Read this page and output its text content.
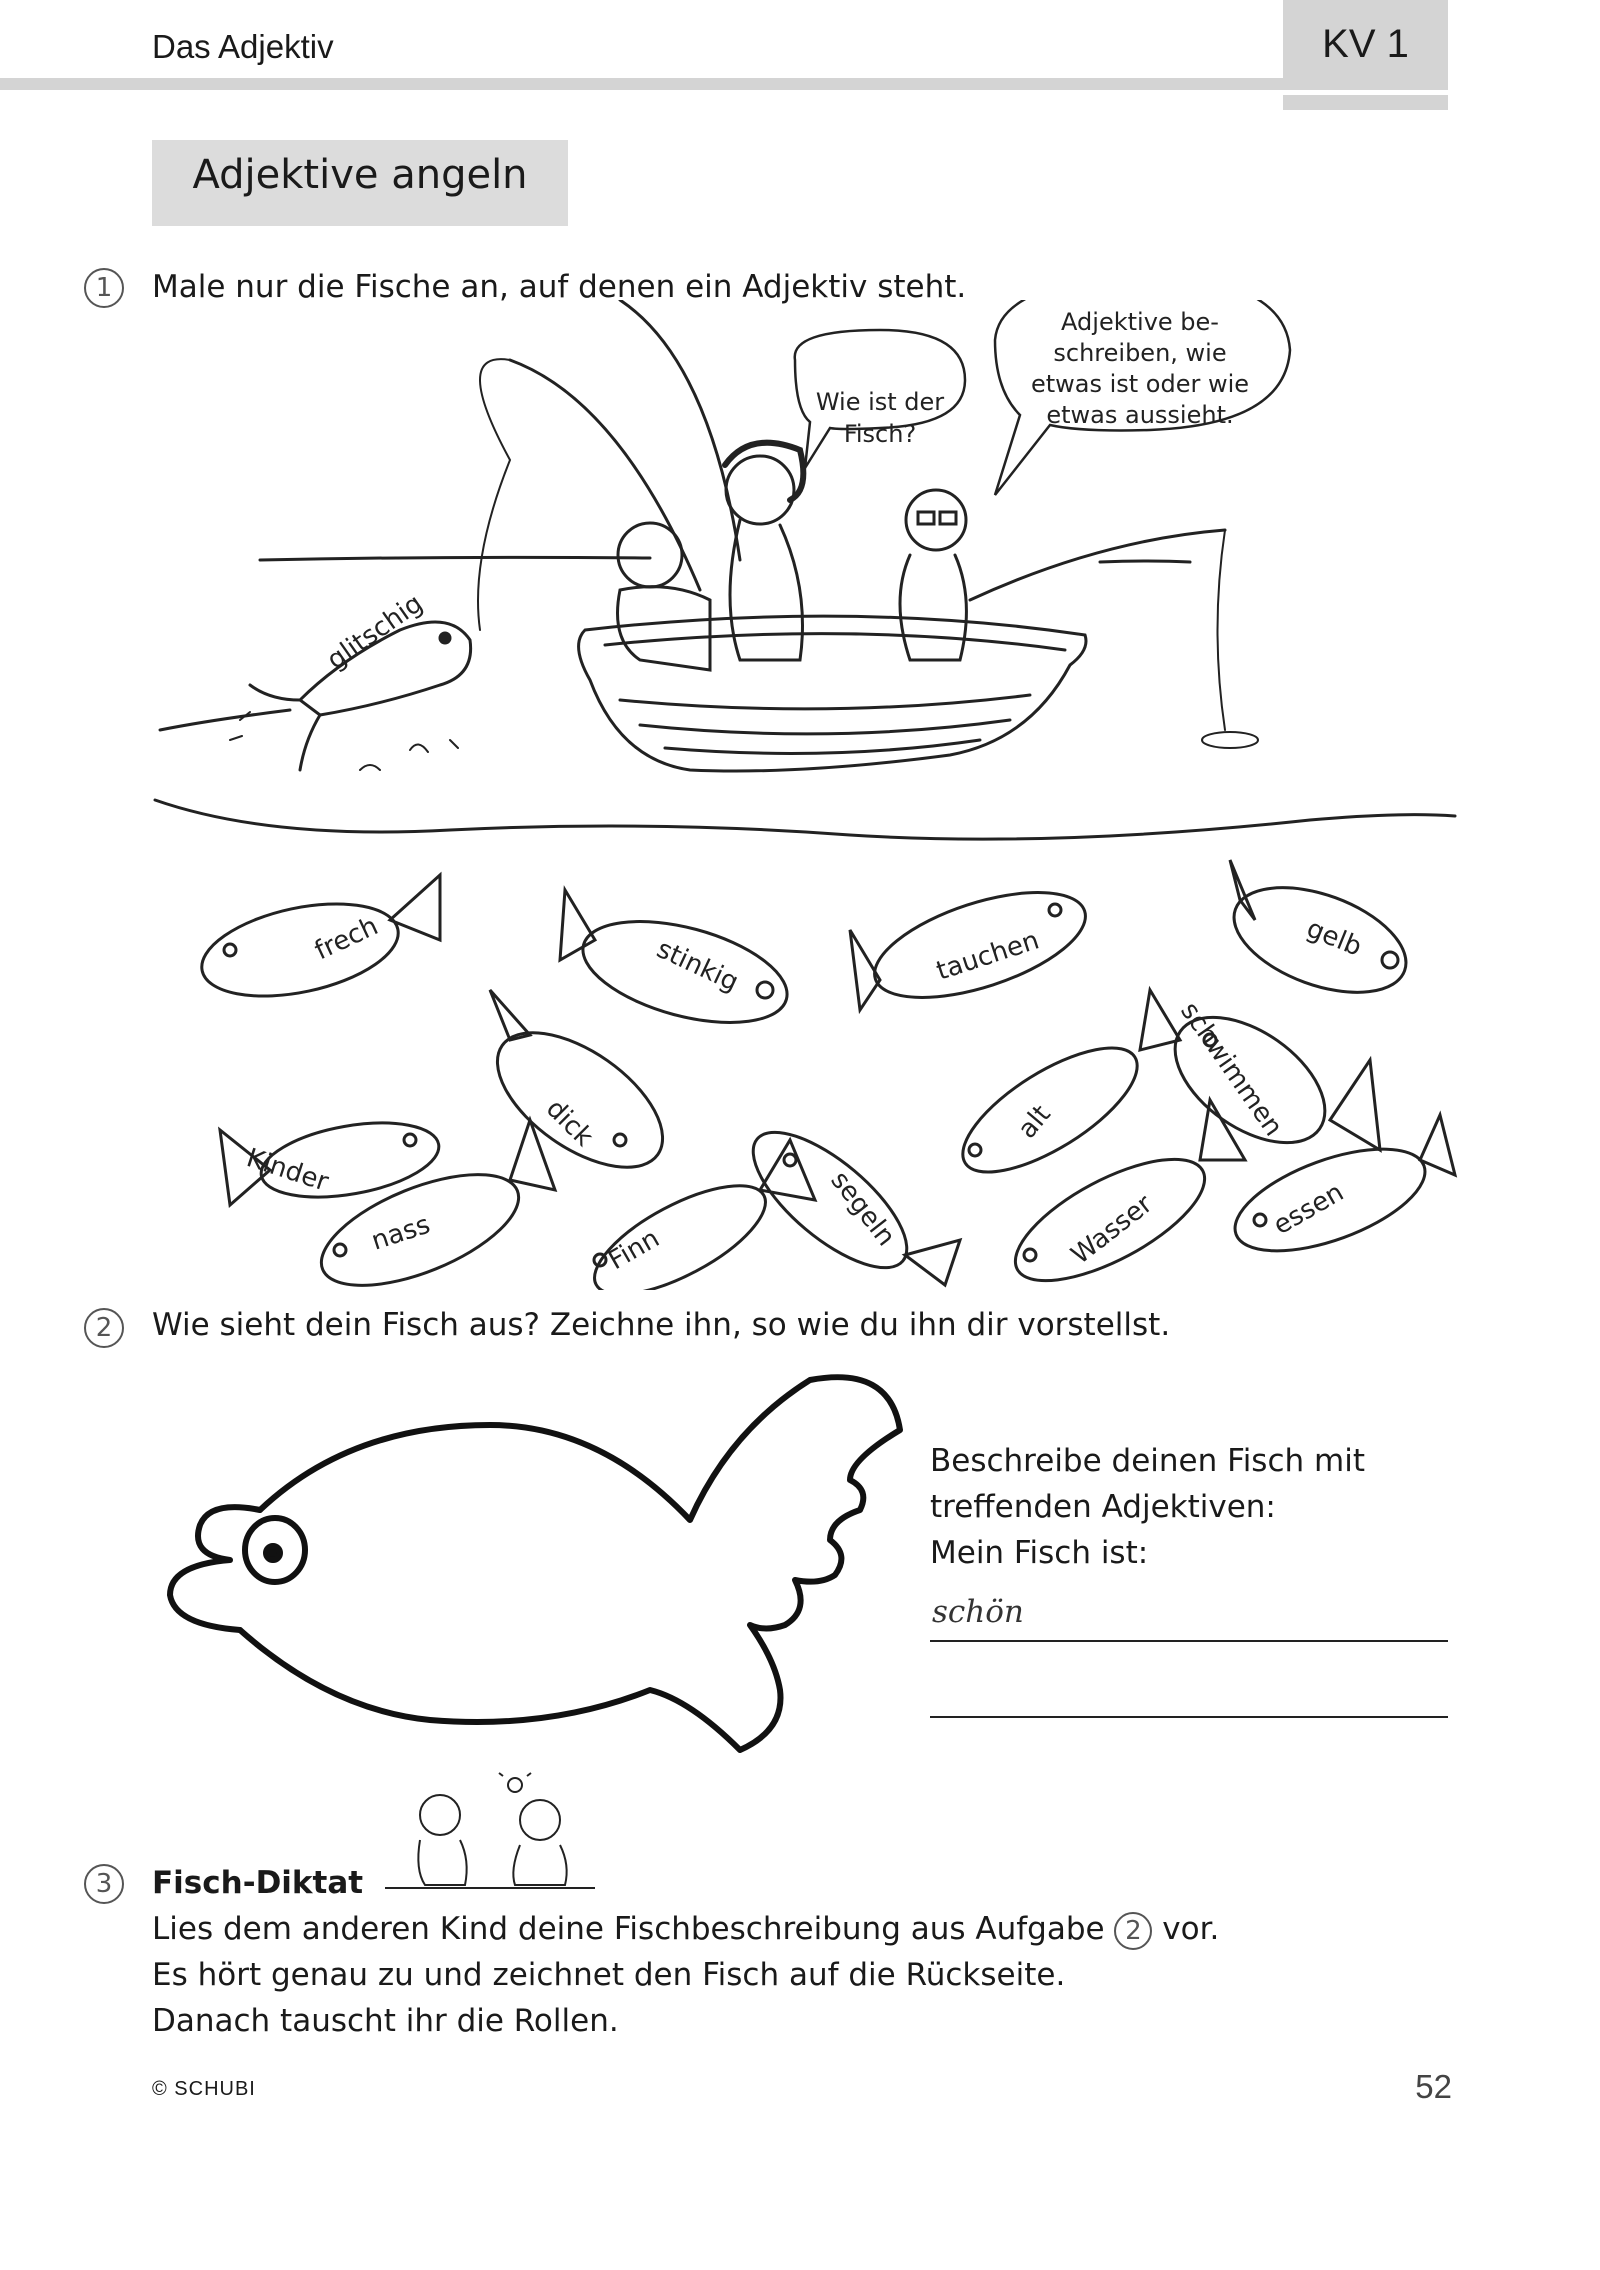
Das Adjektiv	KV 1
Adjektive angeln
1	Male nur die Fische an, auf denen ein Adjektiv steht.
Wie ist der
Fisch?
Adjektive be-
schreiben, wie
etwas ist oder wie
etwas aussieht.
glitschig
frech	stinkig	tauchen	gelb
Kinder
dick	alt	schwimmen
nass	Finn	segeln	Wasser	essen
2	Wie sieht dein Fisch aus? Zeichne ihn, so wie du ihn dir vorstellst.
Beschreibe deinen Fisch mit
treffenden Adjektiven:
Mein Fisch ist:
schön
3	Fisch-Diktat
Lies dem anderen Kind deine Fischbeschreibung aus Aufgabe 2 vor.
Es hört genau zu und zeichnet den Fisch auf die Rückseite.
Danach tauscht ihr die Rollen.
© SCHUBI	52
